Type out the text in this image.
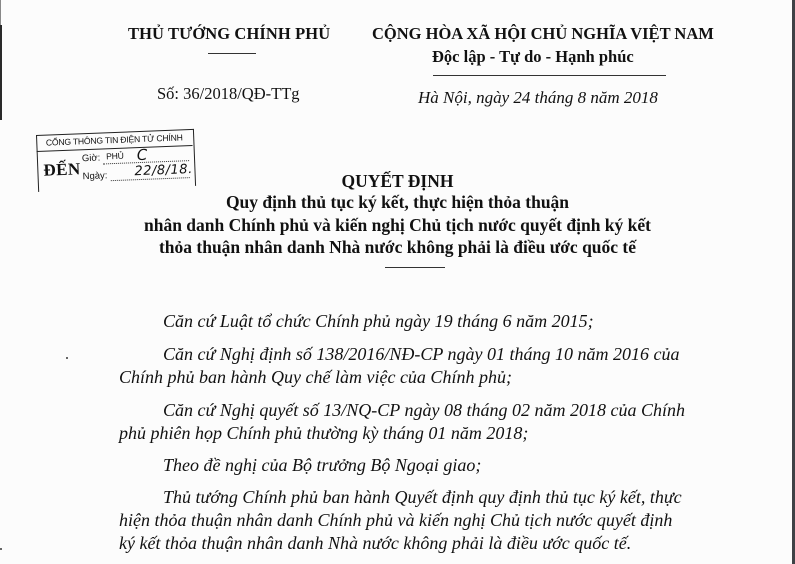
THỦ TƯỚNG CHÍNH PHỦ
Số: 36/2018/QĐ-TTg
CỘNG HÒA XÃ HỘI CHỦ NGHĨA VIỆT NAM
Độc lập - Tự do - Hạnh phúc
Hà Nội, ngày 24 tháng 8 năm 2018
CỔNG THÔNG TIN ĐIỆN TỬ CHÍNH PHỦ
ĐẾN
Giờ:
Ngày:
C
22/8/18.
QUYẾT ĐỊNH
Quy định thủ tục ký kết, thực hiện thỏa thuận
nhân danh Chính phủ và kiến nghị Chủ tịch nước quyết định ký kết
thỏa thuận nhân danh Nhà nước không phải là điều ước quốc tế
Căn cứ Luật tổ chức Chính phủ ngày 19 tháng 6 năm 2015;
Căn cứ Nghị định số 138/2016/NĐ-CP ngày 01 tháng 10 năm 2016 của
Chính phủ ban hành Quy chế làm việc của Chính phủ;
Căn cứ Nghị quyết số 13/NQ-CP ngày 08 tháng 02 năm 2018 của Chính
phủ phiên họp Chính phủ thường kỳ tháng 01 năm 2018;
Theo đề nghị của Bộ trưởng Bộ Ngoại giao;
Thủ tướng Chính phủ ban hành Quyết định quy định thủ tục ký kết, thực
hiện thỏa thuận nhân danh Chính phủ và kiến nghị Chủ tịch nước quyết định
ký kết thỏa thuận nhân danh Nhà nước không phải là điều ước quốc tế.
